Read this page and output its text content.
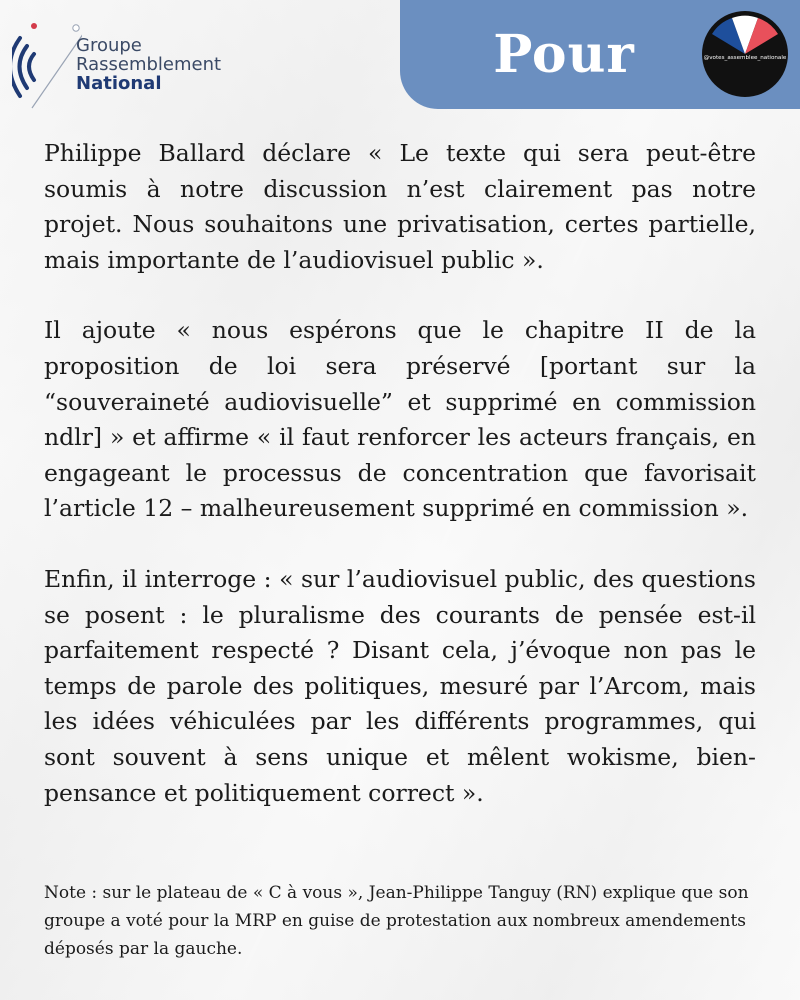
Groupe
Rassemblement
National	Pour	@votes_assemblee_nationale

Philippe Ballard déclare « Le texte qui sera peut-être soumis à notre discussion n’est clairement pas notre projet. Nous souhaitons une privatisation, certes partielle, mais importante de l’audiovisuel public ».

Il ajoute « nous espérons que le chapitre II de la proposition de loi sera préservé [portant sur la “souveraineté audiovisuelle” et supprimé en commission ndlr] » et affirme « il faut renforcer les acteurs français, en engageant le processus de concentration que favorisait l’article 12 – malheureusement supprimé en commission ».

Enfin, il interroge : « sur l’audiovisuel public, des questions se posent : le pluralisme des courants de pensée est-il parfaitement respecté ? Disant cela, j’évoque non pas le temps de parole des politiques, mesuré par l’Arcom, mais les idées véhiculées par les différents programmes, qui sont souvent à sens unique et mêlent wokisme, bien-pensance et politiquement correct ».

Note : sur le plateau de « C à vous », Jean-Philippe Tanguy (RN) explique que son groupe a voté pour la MRP en guise de protestation aux nombreux amendements déposés par la gauche.
